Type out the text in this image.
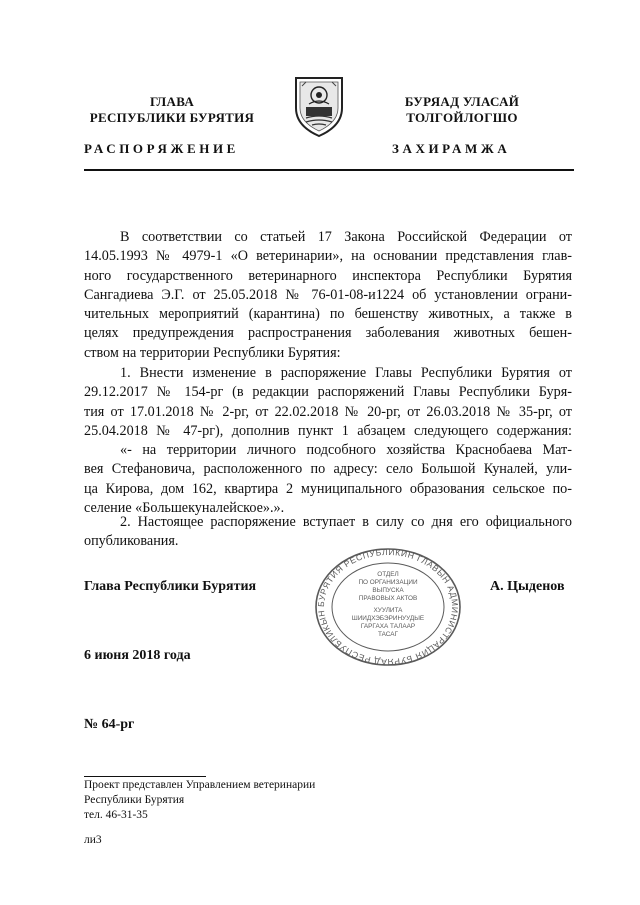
ГЛАВА
РЕСПУБЛИКИ БУРЯТИЯ
БУРЯАД УЛАСАЙ
ТОЛГОЙЛОГШО
РАСПОРЯЖЕНИЕ	ЗАХИРАМЖА
В соответствии со статьей 17 Закона Российской Федерации от
14.05.1993 № 4979-1 «О ветеринарии», на основании представления глав-
ного государственного ветеринарного инспектора Республики Бурятия
Сангадиева Э.Г. от 25.05.2018 № 76-01-08-и1224 об установлении ограни-
чительных мероприятий (карантина) по бешенству животных, а также в
целях предупреждения распространения заболевания животных бешен-
ством на территории Республики Бурятия:
1. Внести изменение в распоряжение Главы Республики Бурятия от
29.12.2017 № 154-рг (в редакции распоряжений Главы Республики Буря-
тия от 17.01.2018 № 2-рг, от 22.02.2018 № 20-рг, от 26.03.2018 № 35-рг, от
25.04.2018 № 47-рг), дополнив пункт 1 абзацем следующего содержания:
«- на территории личного подсобного хозяйства Краснобаева Мат-
вея Стефановича, расположенного по адресу: село Большой Куналей, ули-
ца Кирова, дом 162, квартира 2 муниципального образования сельское по-
селение «Большекуналейское».».
2. Настоящее распоряжение вступает в силу со дня его официального
опубликования.
Глава Республики Бурятия	А. Цыденов
БУРЯТИЯ РЕСПУБЛИКИН ГЛАВЫН АДМИНИСТРАЦИЯ БУРЯАД РЕСПУБЛИКЫН
ОТДЕЛ
ПО ОРГАНИЗАЦИИ
ВЫПУСКА
ПРАВОВЫХ АКТОВ
ХУУЛИТА
ШИИДХЭБЭРИНУУДЫЕ
ГАРГАХА ТАЛААР
ТАСАГ
6 июня 2018 года
№ 64-рг
Проект представлен Управлением ветеринарии
Республики Бурятия
тел. 46-31-35
ли3
